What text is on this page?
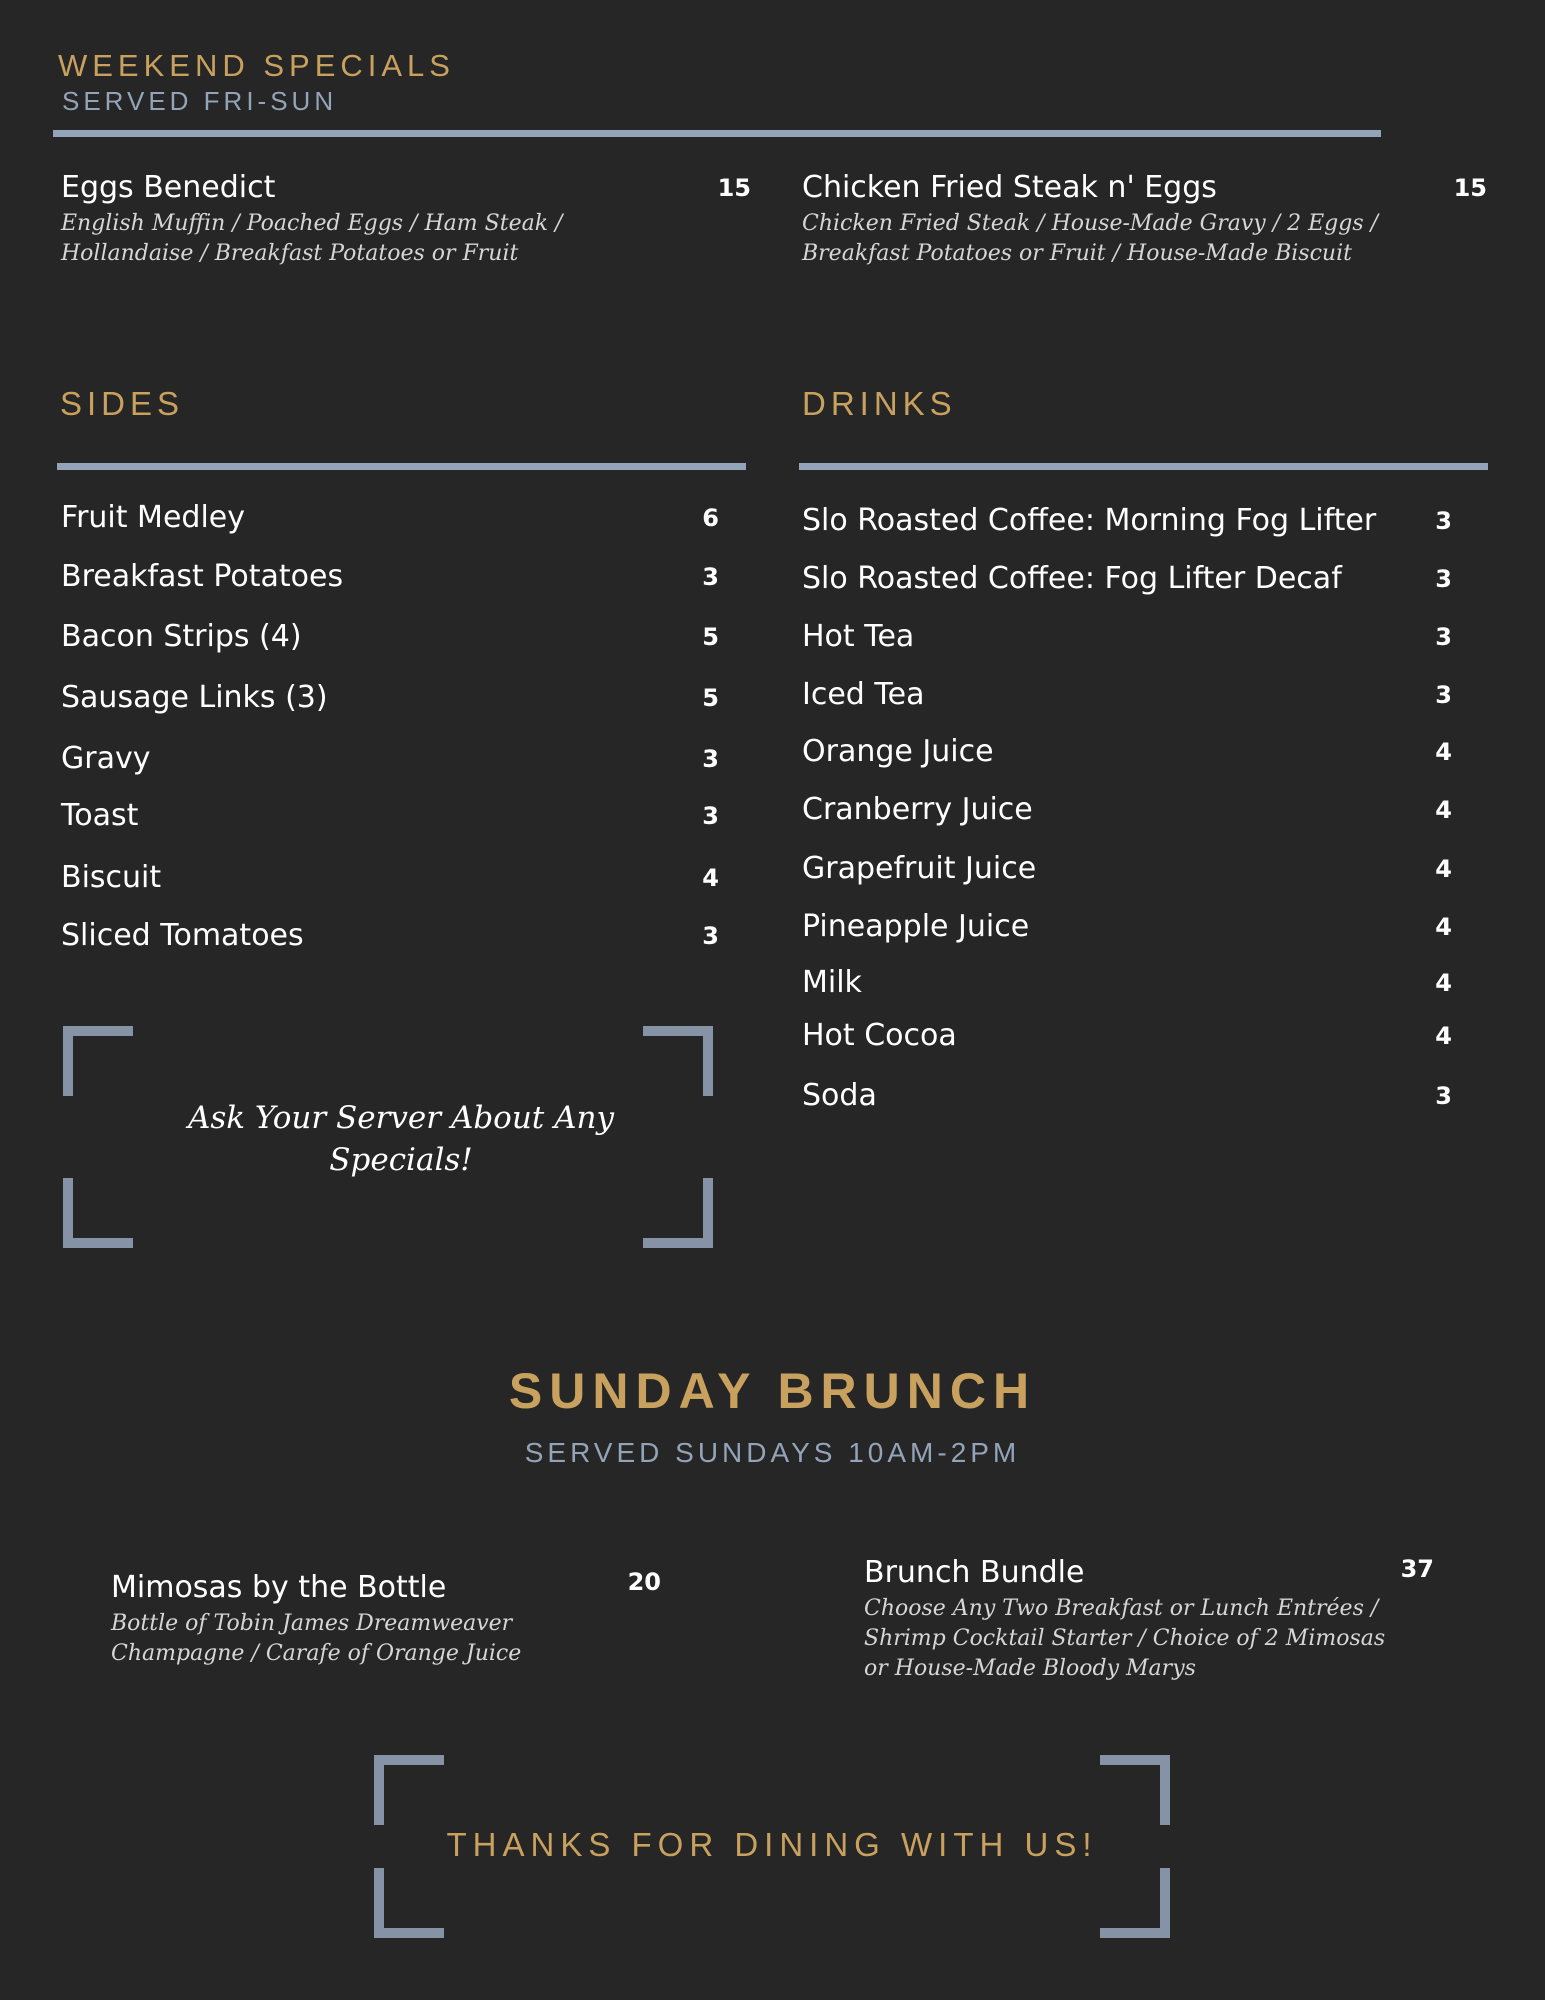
WEEKEND SPECIALS
SERVED FRI-SUN
Eggs Benedict	15
English Muffin / Poached Eggs / Ham Steak /
Hollandaise / Breakfast Potatoes or Fruit
Chicken Fried Steak n' Eggs	15
Chicken Fried Steak / House-Made Gravy / 2 Eggs /
Breakfast Potatoes or Fruit / House-Made Biscuit
SIDES
Fruit Medley	6
Breakfast Potatoes	3
Bacon Strips (4)	5
Sausage Links (3)	5
Gravy	3
Toast	3
Biscuit	4
Sliced Tomatoes	3
Ask Your Server About Any
Specials!
DRINKS
Slo Roasted Coffee: Morning Fog Lifter 3
Slo Roasted Coffee: Fog Lifter Decaf	3
Hot Tea	3
Iced Tea	3
Orange Juice	4
Cranberry Juice	4
Grapefruit Juice	4
Pineapple Juice	4
Milk	4
Hot Cocoa	4
Soda	3
SUNDAY BRUNCH
SERVED SUNDAYS 10AM-2PM
Mimosas by the Bottle	20
Bottle of Tobin James Dreamweaver
Champagne / Carafe of Orange Juice
Brunch Bundle	37
Choose Any Two Breakfast or Lunch Entrées /
Shrimp Cocktail Starter / Choice of 2 Mimosas
or House-Made Bloody Marys
THANKS FOR DINING WITH US!
